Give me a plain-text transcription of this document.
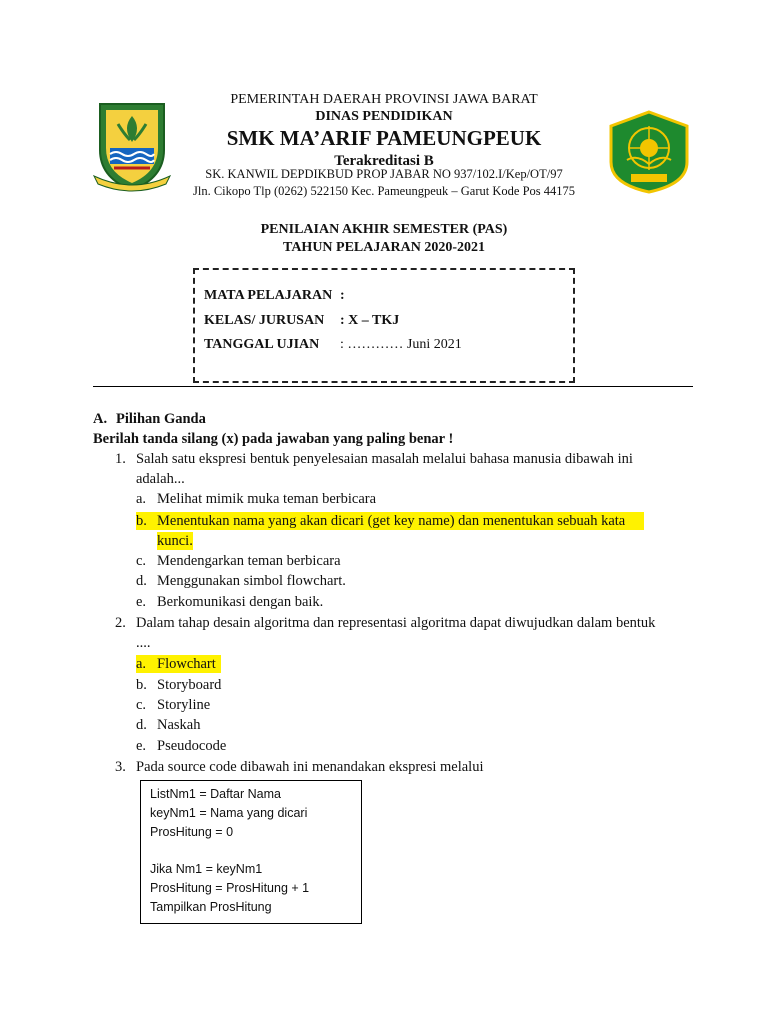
PEMERINTAH DAERAH PROVINSI JAWA BARAT
DINAS PENDIDIKAN
SMK MA’ARIF PAMEUNGPEUK
Terakreditasi B
SK. KANWIL DEPDIKBUD PROP JABAR NO 937/102.I/Kep/OT/97
Jln. Cikopo Tlp (0262) 522150 Kec. Pameungpeuk – Garut Kode Pos 44175
PENILAIAN AKHIR SEMESTER (PAS)
TAHUN PELAJARAN 2020-2021
MATA PELAJARAN :
KELAS/ JURUSAN : X – TKJ
TANGGAL UJIAN : ………… Juni 2021
A. Pilihan Ganda
Berilah tanda silang (x) pada jawaban yang paling benar !
1. Salah satu ekspresi bentuk penyelesaian masalah melalui bahasa manusia dibawah ini
adalah...
a. Melihat mimik muka teman berbicara
b. Menentukan nama yang akan dicari (get key name) dan menentukan sebuah kata
kunci.
c. Mendengarkan teman berbicara
d. Menggunakan simbol flowchart.
e. Berkomunikasi dengan baik.
2. Dalam tahap desain algoritma dan representasi algoritma dapat diwujudkan dalam bentuk
....
a. Flowchart
b. Storyboard
c. Storyline
d. Naskah
e. Pseudocode
3. Pada source code dibawah ini menandakan ekspresi melalui
ListNm1 = Daftar Nama
keyNm1 = Nama yang dicari
ProsHitung = 0
Jika Nm1 = keyNm1
ProsHitung = ProsHitung + 1
Tampilkan ProsHitung
